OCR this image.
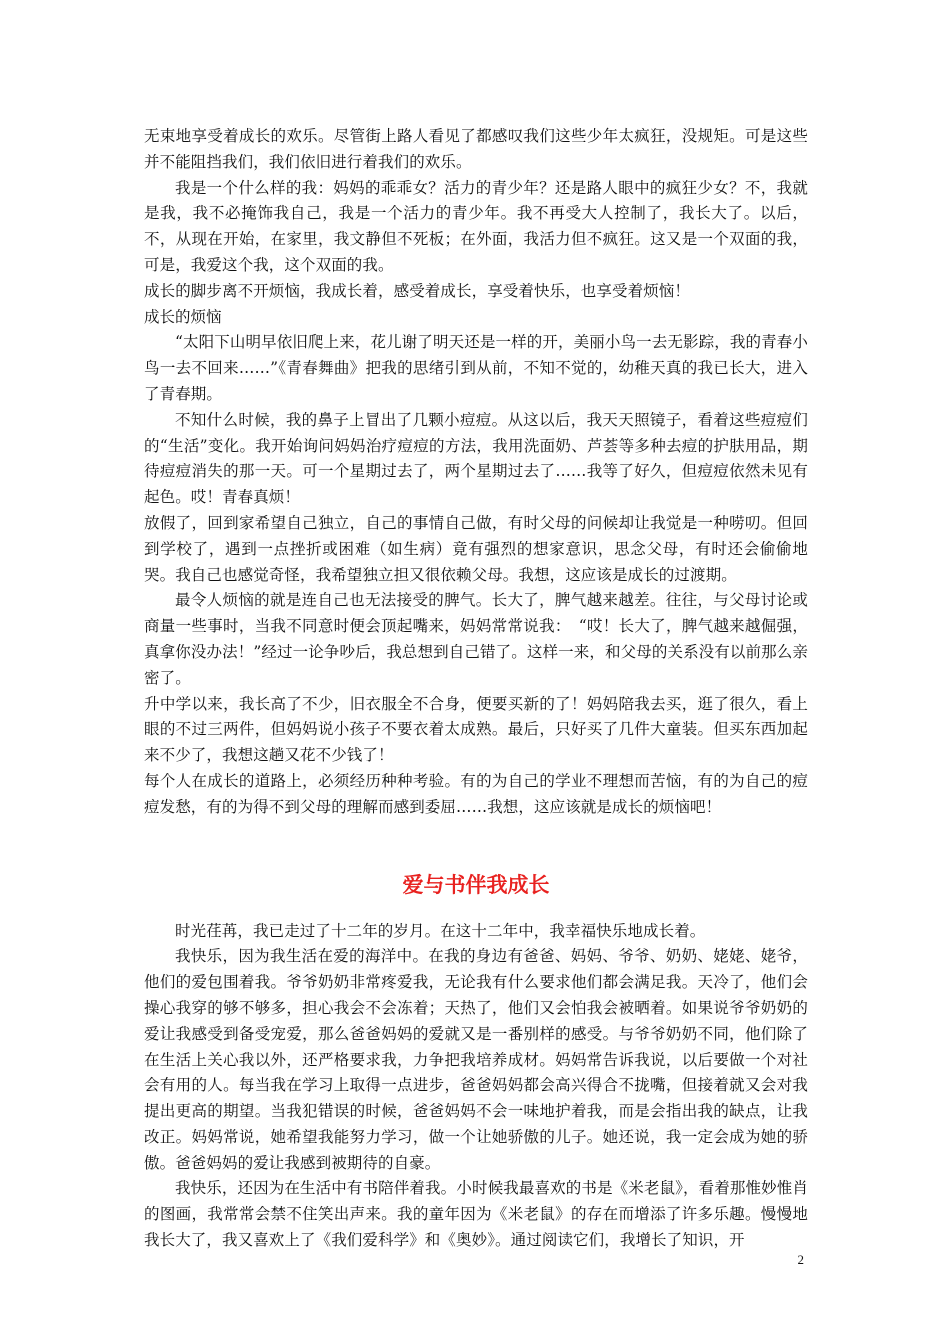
无束地享受着成长的欢乐。尽管街上路人看见了都感叹我们这些少年太疯狂，没规矩。可是这些并不能阻挡我们，我们依旧进行着我们的欢乐。

我是一个什么样的我：妈妈的乖乖女？活力的青少年？还是路人眼中的疯狂少女？不，我就是我，我不必掩饰我自己，我是一个活力的青少年。我不再受大人控制了，我长大了。以后，不，从现在开始，在家里，我文静但不死板；在外面，我活力但不疯狂。这又是一个双面的我，可是，我爱这个我，这个双面的我。

成长的脚步离不开烦恼，我成长着，感受着成长，享受着快乐，也享受着烦恼！

成长的烦恼

“太阳下山明早依旧爬上来，花儿谢了明天还是一样的开，美丽小鸟一去无影踪，我的青春小鸟一去不回来……”《青春舞曲》把我的思绪引到从前，不知不觉的，幼稚天真的我已长大，进入了青春期。

不知什么时候，我的鼻子上冒出了几颗小痘痘。从这以后，我天天照镜子，看着这些痘痘们的“生活”变化。我开始询问妈妈治疗痘痘的方法，我用洗面奶、芦荟等多种去痘的护肤用品，期待痘痘消失的那一天。可一个星期过去了，两个星期过去了……我等了好久，但痘痘依然未见有起色。哎！青春真烦！

放假了，回到家希望自己独立，自己的事情自己做，有时父母的问候却让我觉是一种唠叨。但回到学校了，遇到一点挫折或困难（如生病）竟有强烈的想家意识，思念父母，有时还会偷偷地哭。我自己也感觉奇怪，我希望独立担又很依赖父母。我想，这应该是成长的过渡期。

最令人烦恼的就是连自己也无法接受的脾气。长大了，脾气越来越差。往往，与父母讨论或商量一些事时，当我不同意时便会顶起嘴来，妈妈常常说我：　“哎！长大了，脾气越来越倔强，真拿你没办法！”经过一论争吵后，我总想到自己错了。这样一来，和父母的关系没有以前那么亲密了。

升中学以来，我长高了不少，旧衣服全不合身，便要买新的了！妈妈陪我去买，逛了很久，看上眼的不过三两件，但妈妈说小孩子不要衣着太成熟。最后，只好买了几件大童装。但买东西加起来不少了，我想这趟又花不少钱了！

每个人在成长的道路上，必须经历种种考验。有的为自己的学业不理想而苦恼，有的为自己的痘痘发愁，有的为得不到父母的理解而感到委屈……我想，这应该就是成长的烦恼吧！

爱与书伴我成长

时光荏苒，我已走过了十二年的岁月。在这十二年中，我幸福快乐地成长着。

我快乐，因为我生活在爱的海洋中。在我的身边有爸爸、妈妈、爷爷、奶奶、姥姥、姥爷，他们的爱包围着我。爷爷奶奶非常疼爱我，无论我有什么要求他们都会满足我。天冷了，他们会操心我穿的够不够多，担心我会不会冻着；天热了，他们又会怕我会被晒着。如果说爷爷奶奶的爱让我感受到备受宠爱，那么爸爸妈妈的爱就又是一番别样的感受。与爷爷奶奶不同，他们除了在生活上关心我以外，还严格要求我，力争把我培养成材。妈妈常告诉我说，以后要做一个对社会有用的人。每当我在学习上取得一点进步，爸爸妈妈都会高兴得合不拢嘴，但接着就又会对我提出更高的期望。当我犯错误的时候，爸爸妈妈不会一味地护着我，而是会指出我的缺点，让我改正。妈妈常说，她希望我能努力学习，做一个让她骄傲的儿子。她还说，我一定会成为她的骄傲。爸爸妈妈的爱让我感到被期待的自豪。

我快乐，还因为在生活中有书陪伴着我。小时候我最喜欢的书是《米老鼠》，看着那惟妙惟肖的图画，我常常会禁不住笑出声来。我的童年因为《米老鼠》的存在而增添了许多乐趣。慢慢地我长大了，我又喜欢上了《我们爱科学》和《奥妙》。通过阅读它们，我增长了知识，开

2
